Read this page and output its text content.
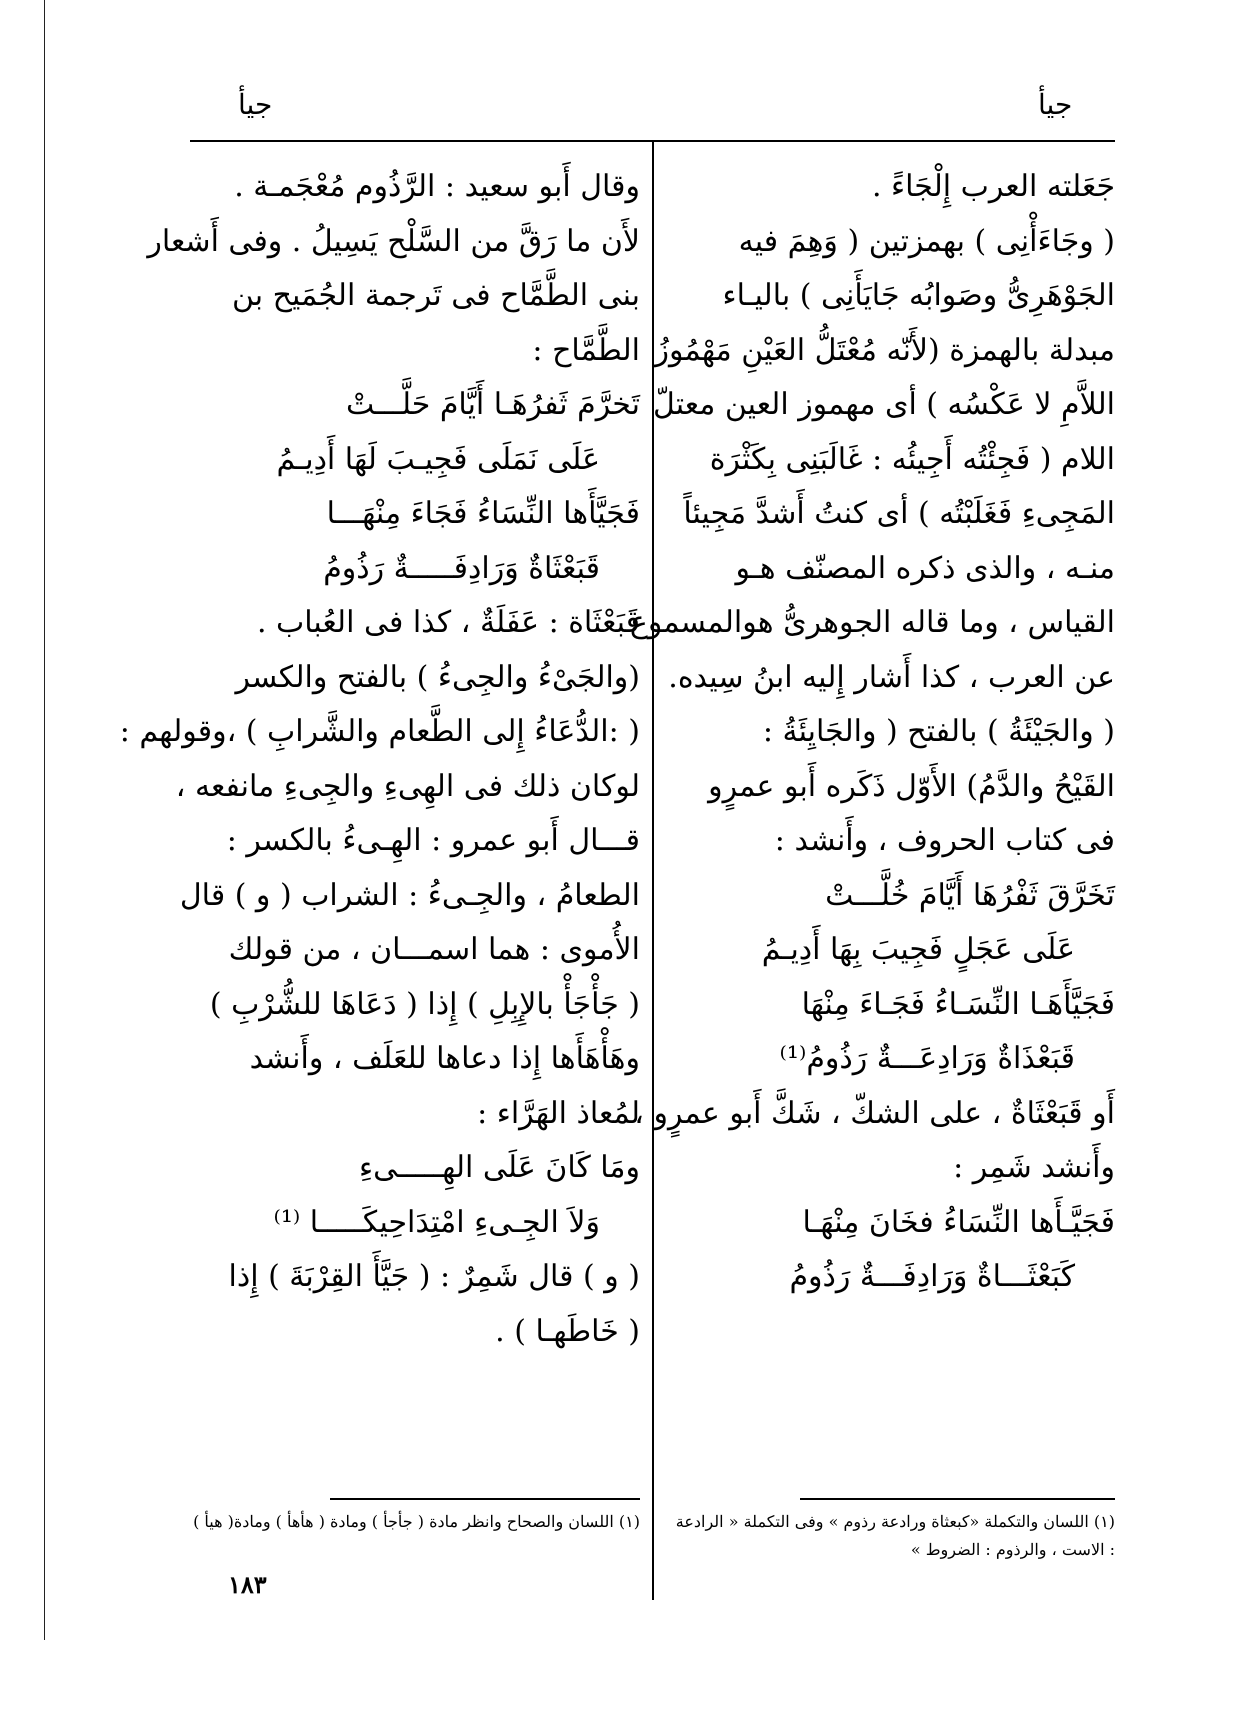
جيأ
جيأ
جَعَلته العرب إِلْجَاءً .
( وجَاءَأْنِى ) بهمزتين ( وَهِمَ فيه
الجَوْهَرِىُّ وصَوابُه جَايَأَنِى ) باليـاء
مبدلة بالهمزة (لأَنّه مُعْتَلُّ العَيْنِ مَهْمُوزُ
اللاَّمِ لا عَكْسُه ) أى مهموز العين معتلّ
اللام ( فَجِئْتُه أَجِيئُه : غَالَبَنِى بِكَثْرَة
المَجِىءِ فَغَلَبْتُه ) أى كنتُ أَشدَّ مَجِيئاً
منـه ، والذى ذكره المصنّف هـو
القياس ، وما قاله الجوهرىُّ هوالمسموع
عن العرب ، كذا أَشار إِليه ابنُ سِيده.
( والجَيْئَةُ ) بالفتح ( والجَايِئَةُ :
القَيْحُ والدَّمُ) الأَوّل ذَكَره أَبو عمرٍو
فى كتاب الحروف ، وأَنشد :
تَخَرَّقَ ثَفْرُهَا أَيَّامَ خُلَّـــتْ
عَلَى عَجَلٍ فَجِيبَ بِهَا أَدِيـمُ
فَجَيَّأَهَـا النِّسَـاءُ فَجَـاءَ مِنْهَا
قَبَعْذَاةٌ وَرَادِعَـــةٌ رَذُومُ⁽¹⁾
أَو قَبَعْثَاةٌ ، على الشكّ ، شَكَّ أَبو عمرٍو ،
وأَنشد شَمِر :
فَجَيَّـأَها النِّسَاءُ فخَانَ مِنْهَـا
كَبَعْثَـــاةٌ وَرَادِفَـــةٌ رَذُومُ
وقال أَبو سعيد : الرَّذُوم مُعْجَمـة .
لأَن ما رَقَّ من السَّلْح يَسِيلُ . وفى أَشعار
بنى الطَّمَّاح فى تَرجمة الجُمَيح بن
الطَّمَّاح :
تَخرَّمَ ثَفرُهَـا أَيَّامَ حَلَّـــتْ
عَلَى نَمَلَى فَجِيـبَ لَهَا أَدِيـمُ
فَجَيَّأَها النِّسَاءُ فَجَاءَ مِنْهَـــا
قَبَعْثَاةٌ وَرَادِفَـــــةٌ رَذُومُ
قَبَعْثَاة : عَفَلَةٌ ، كذا فى العُباب .
(والجَىْءُ والجِىءُ ) بالفتح والكسر
( :الدُّعَاءُ إِلى الطَّعام والشَّرابِ ) ،وقولهم :
لوكان ذلك فى الهِىءِ والجِىءِ مانفعه ،
قـــال أَبو عمرو : الهِـىءُ بالكسر :
الطعامُ ، والجِـىءُ : الشراب ( و ) قال
الأُموى : هما اسمـــان ، من قولك
( جَأْجَأْ بالإِبِلِ ) إِذا ( دَعَاهَا للشُّرْبِ )
وهَأْهَأَها إِذا دعاها للعَلَف ، وأَنشد
لمُعاذ الهَرَّاء :
ومَا كَانَ عَلَى الهِـــــىءِ
وَلاَ الجِـىءِ امْتِدَاحِيكَـــــا ⁽¹⁾
( و ) قال شَمِرٌ : ( جَيَّأَ القِرْبَةَ ) إِذا
( خَاطَهـا ) .
(١) اللسان والتكملة «كبعثاة ورادعة رذوم » وفى التكملة « الرادعة : الاست ، والرذوم : الضروط »
(١) اللسان والصحاح وانظر مادة ( جأجأ ) ومادة ( هأهأ ) ومادة( هيأ )
١٨٣
